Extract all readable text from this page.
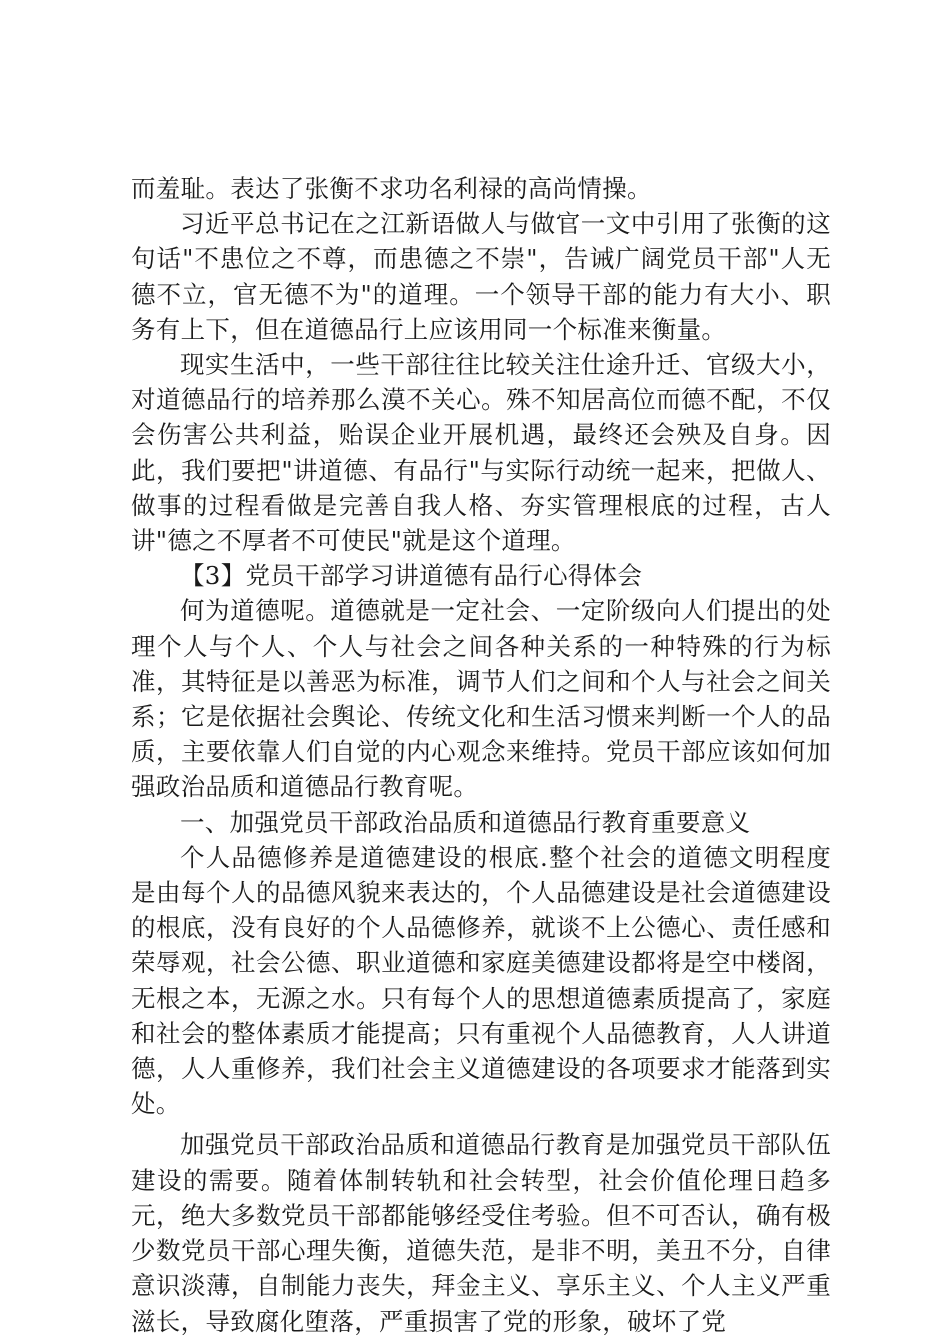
而羞耻。表达了张衡不求功名利禄的高尚情操。

习近平总书记在之江新语做人与做官一文中引用了张衡的这句话"不患位之不尊，而患德之不崇"，告诫广阔党员干部"人无德不立，官无德不为"的道理。一个领导干部的能力有大小、职务有上下，但在道德品行上应该用同一个标准来衡量。

现实生活中，一些干部往往比较关注仕途升迁、官级大小，对道德品行的培养那么漠不关心。殊不知居高位而德不配，不仅会伤害公共利益，贻误企业开展机遇，最终还会殃及自身。因此，我们要把"讲道德、有品行"与实际行动统一起来，把做人、做事的过程看做是完善自我人格、夯实管理根底的过程，古人讲"德之不厚者不可使民"就是这个道理。

【3】党员干部学习讲道德有品行心得体会

何为道德呢。道德就是一定社会、一定阶级向人们提出的处理个人与个人、个人与社会之间各种关系的一种特殊的行为标准，其特征是以善恶为标准，调节人们之间和个人与社会之间关系；它是依据社会舆论、传统文化和生活习惯来判断一个人的品质，主要依靠人们自觉的内心观念来维持。党员干部应该如何加强政治品质和道德品行教育呢。

一、加强党员干部政治品质和道德品行教育重要意义

个人品德修养是道德建设的根底.整个社会的道德文明程度是由每个人的品德风貌来表达的，个人品德建设是社会道德建设的根底，没有良好的个人品德修养，就谈不上公德心、责任感和荣辱观，社会公德、职业道德和家庭美德建设都将是空中楼阁，无根之本，无源之水。只有每个人的思想道德素质提高了，家庭和社会的整体素质才能提高；只有重视个人品德教育，人人讲道德，人人重修养，我们社会主义道德建设的各项要求才能落到实处。

加强党员干部政治品质和道德品行教育是加强党员干部队伍建设的需要。随着体制转轨和社会转型，社会价值伦理日趋多元，绝大多数党员干部都能够经受住考验。但不可否认，确有极少数党员干部心理失衡，道德失范，是非不明，美丑不分，自律意识淡薄，自制能力丧失，拜金主义、享乐主义、个人主义严重滋长，导致腐化堕落，严重损害了党的形象，破坏了党
